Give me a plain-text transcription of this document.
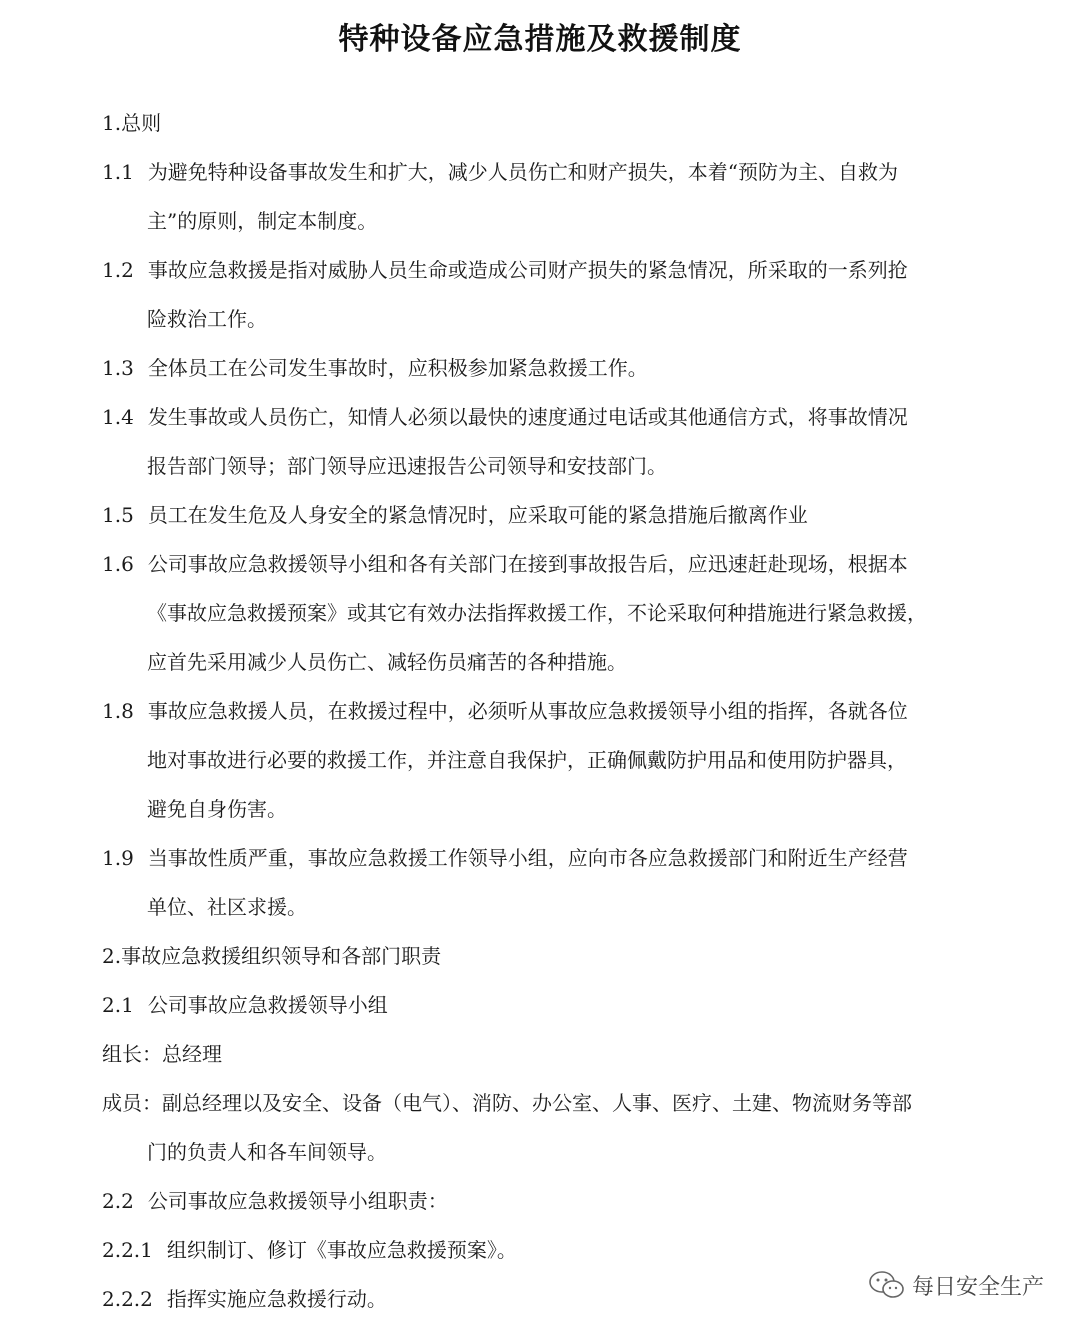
特种设备应急措施及救援制度
1.总则
1.1 为避免特种设备事故发生和扩大，减少人员伤亡和财产损失，本着“预防为主、自救为
主”的原则，制定本制度。
1.2 事故应急救援是指对威胁人员生命或造成公司财产损失的紧急情况，所采取的一系列抢
险救治工作。
1.3 全体员工在公司发生事故时，应积极参加紧急救援工作。
1.4 发生事故或人员伤亡，知情人必须以最快的速度通过电话或其他通信方式，将事故情况
报告部门领导；部门领导应迅速报告公司领导和安技部门。
1.5 员工在发生危及人身安全的紧急情况时，应采取可能的紧急措施后撤离作业
1.6 公司事故应急救援领导小组和各有关部门在接到事故报告后，应迅速赶赴现场，根据本
《事故应急救援预案》或其它有效办法指挥救援工作，不论采取何种措施进行紧急救援，
应首先采用减少人员伤亡、减轻伤员痛苦的各种措施。
1.8 事故应急救援人员，在救援过程中，必须听从事故应急救援领导小组的指挥，各就各位
地对事故进行必要的救援工作，并注意自我保护，正确佩戴防护用品和使用防护器具，
避免自身伤害。
1.9 当事故性质严重，事故应急救援工作领导小组，应向市各应急救援部门和附近生产经营
单位、社区求援。
2.事故应急救援组织领导和各部门职责
2.1 公司事故应急救援领导小组
组长：总经理
成员：副总经理以及安全、设备（电气）、消防、办公室、人事、医疗、土建、物流财务等部
门的负责人和各车间领导。
2.2 公司事故应急救援领导小组职责：
2.2.1 组织制订、修订《事故应急救援预案》。
2.2.2 指挥实施应急救援行动。	每日安全生产
